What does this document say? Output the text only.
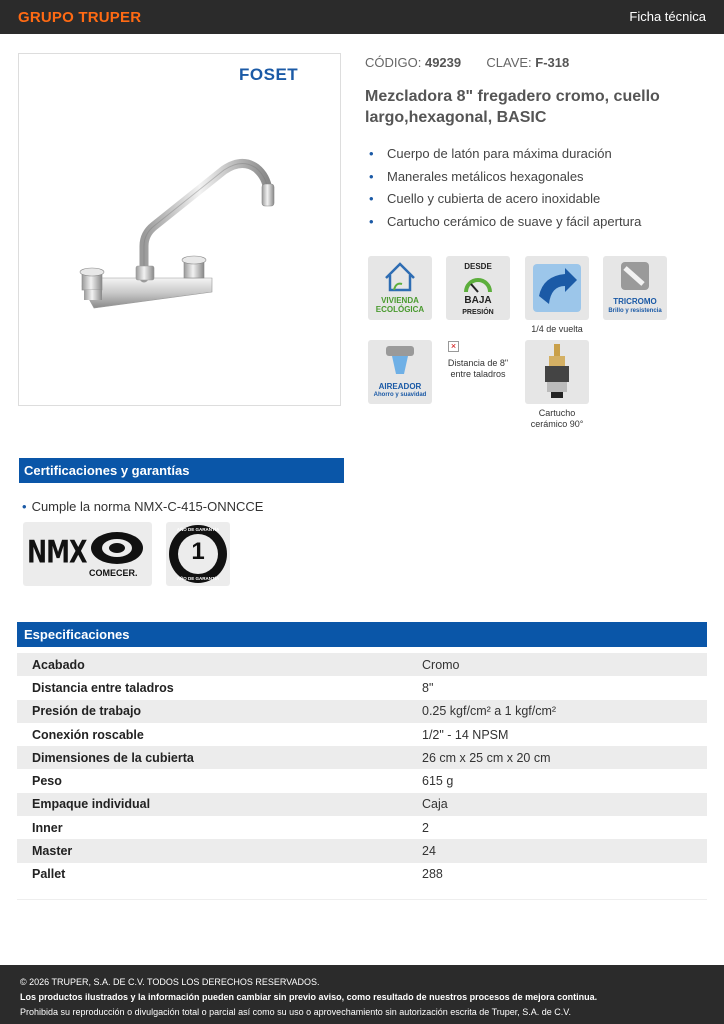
GRUPO TRUPER	Ficha técnica
FOSET
CÓDIGO: 49239 CLAVE: F-318
Mezcladora 8" fregadero cromo, cuello largo,hexagonal, BASIC
• Cuerpo de latón para máxima duración
• Manerales metálicos hexagonales
• Cuello y cubierta de acero inoxidable
• Cartucho cerámico de suave y fácil apertura
VIVIENDA ECOLÓGICA
DESDE
BAJA
PRESIÓN
1/4 de vuelta
TRICROMO
Brillo y resistencia
AIREADOR
Ahorro y suavidad
×
Distancia de 8" entre taladros
Cartucho cerámico 90°
Certificaciones y garantías
• Cumple la norma NMX-C-415-ONNCCE
NMX
COMECER.
1
AÑO DE GARANTÍA
AÑO DE GARANTÍA
Especificaciones
Acabado	Cromo
Distancia entre taladros	8"
Presión de trabajo	0.25 kgf/cm² a 1 kgf/cm²
Conexión roscable	1/2" - 14 NPSM
Dimensiones de la cubierta	26 cm x 25 cm x 20 cm
Peso	615 g
Empaque individual	Caja
Inner	2
Master	24
Pallet	288
© 2026 TRUPER, S.A. DE C.V. TODOS LOS DERECHOS RESERVADOS.
Los productos ilustrados y la información pueden cambiar sin previo aviso, como resultado de nuestros procesos de mejora continua.
Prohibida su reproducción o divulgación total o parcial así como su uso o aprovechamiento sin autorización escrita de Truper, S.A. de C.V.
